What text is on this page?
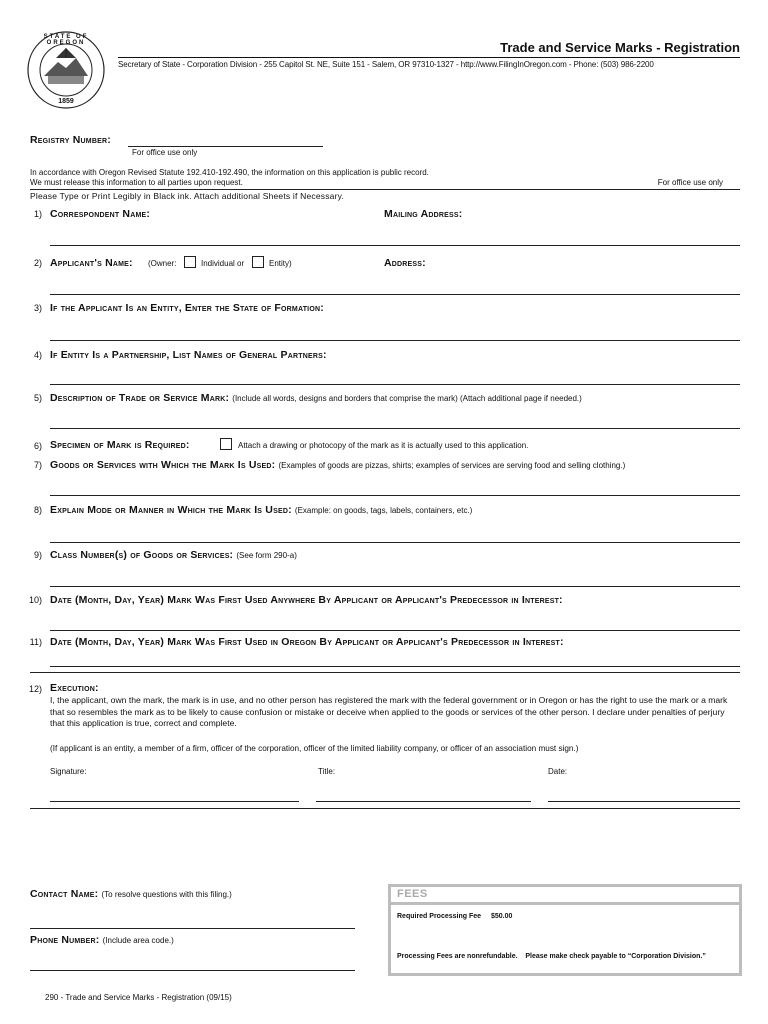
STATE OF OREGON
1859
Trade and Service Marks - Registration
Secretary of State - Corporation Division - 255 Capitol St. NE, Suite 151 - Salem, OR 97310-1327 - http://www.FilingInOregon.com - Phone: (503) 986-2200
Registry Number:
For office use only
In accordance with Oregon Revised Statute 192.410-192.490, the information on this application is public record.
We must release this information to all parties upon request.	For office use only
Please Type or Print Legibly in Black ink. Attach additional Sheets if Necessary.
1) Correspondent Name:	Mailing Address:
2) Applicant's Name: (Owner:	Individual or	Entity)	Address:
3) If the Applicant Is an Entity, Enter the State of Formation:
4) If Entity Is a Partnership, List Names of General Partners:
5) Description of Trade or Service Mark: (Include all words, designs and borders that comprise the mark) (Attach additional page if needed.)
6) Specimen of Mark is Required:	Attach a drawing or photocopy of the mark as it is actually used to this application.
7) Goods or Services with Which the Mark Is Used: (Examples of goods are pizzas, shirts; examples of services are serving food and selling clothing.)
8) Explain Mode or Manner in Which the Mark Is Used: (Example: on goods, tags, labels, containers, etc.)
9) Class Number(s) of Goods or Services: (See form 290-a)
10) Date (Month, Day, Year) Mark Was First Used Anywhere By Applicant or Applicant's Predecessor in Interest:
11) Date (Month, Day, Year) Mark Was First Used in Oregon By Applicant or Applicant's Predecessor in Interest:
12) Execution:
I, the applicant, own the mark, the mark is in use, and no other person has registered the mark with the federal government or in Oregon or has the right to use the mark or a mark that so resembles the mark as to be likely to cause confusion or mistake or deceive when applied to the goods or services of the other person. I declare under penalties of perjury that this application is true, correct and complete.
(If applicant is an entity, a member of a firm, officer of the corporation, officer of the limited liability company, or officer of an association must sign.)
Signature:	Title:	Date:
Contact Name: (To resolve questions with this filing.)
Phone Number: (Include area code.)
FEES
Required Processing Fee $50.00
Processing Fees are nonrefundable.    Please make check payable to “Corporation Division.”
290 - Trade and Service Marks - Registration (09/15)
